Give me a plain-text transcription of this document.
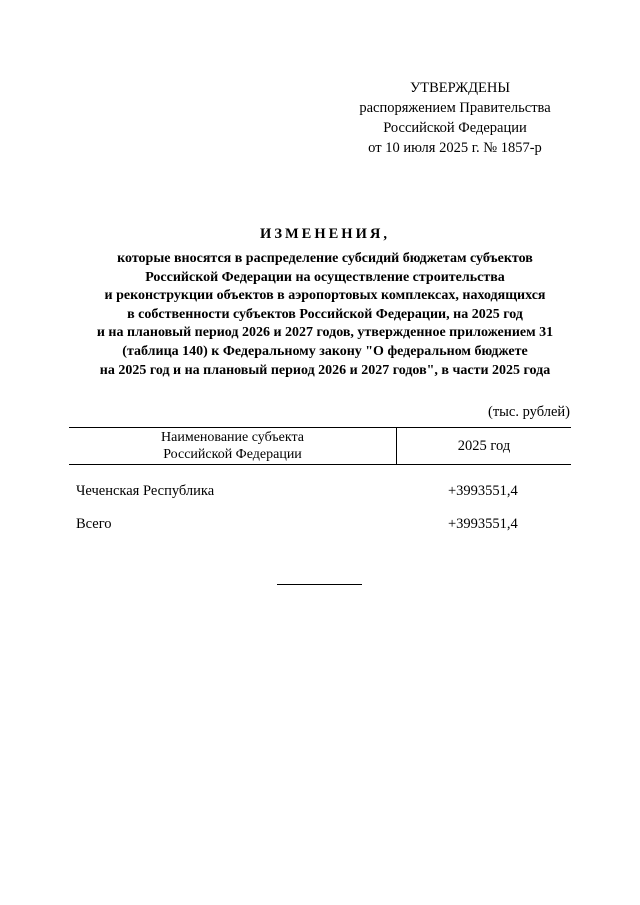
УТВЕРЖДЕНЫ
распоряжением Правительства
Российской Федерации
от 10 июля 2025 г. № 1857-р
ИЗМЕНЕНИЯ,
которые вносятся в распределение субсидий бюджетам субъектов
Российской Федерации на осуществление строительства
и реконструкции объектов в аэропортовых комплексах, находящихся
в собственности субъектов Российской Федерации, на 2025 год
и на плановый период 2026 и 2027 годов, утвержденное приложением 31
(таблица 140) к Федеральному закону "О федеральном бюджете
на 2025 год и на плановый период 2026 и 2027 годов", в части 2025 года
(тыс. рублей)
Наименование субъекта
Российской Федерации
2025 год
Чеченская Республика	+3993551,4
Всего	+3993551,4
